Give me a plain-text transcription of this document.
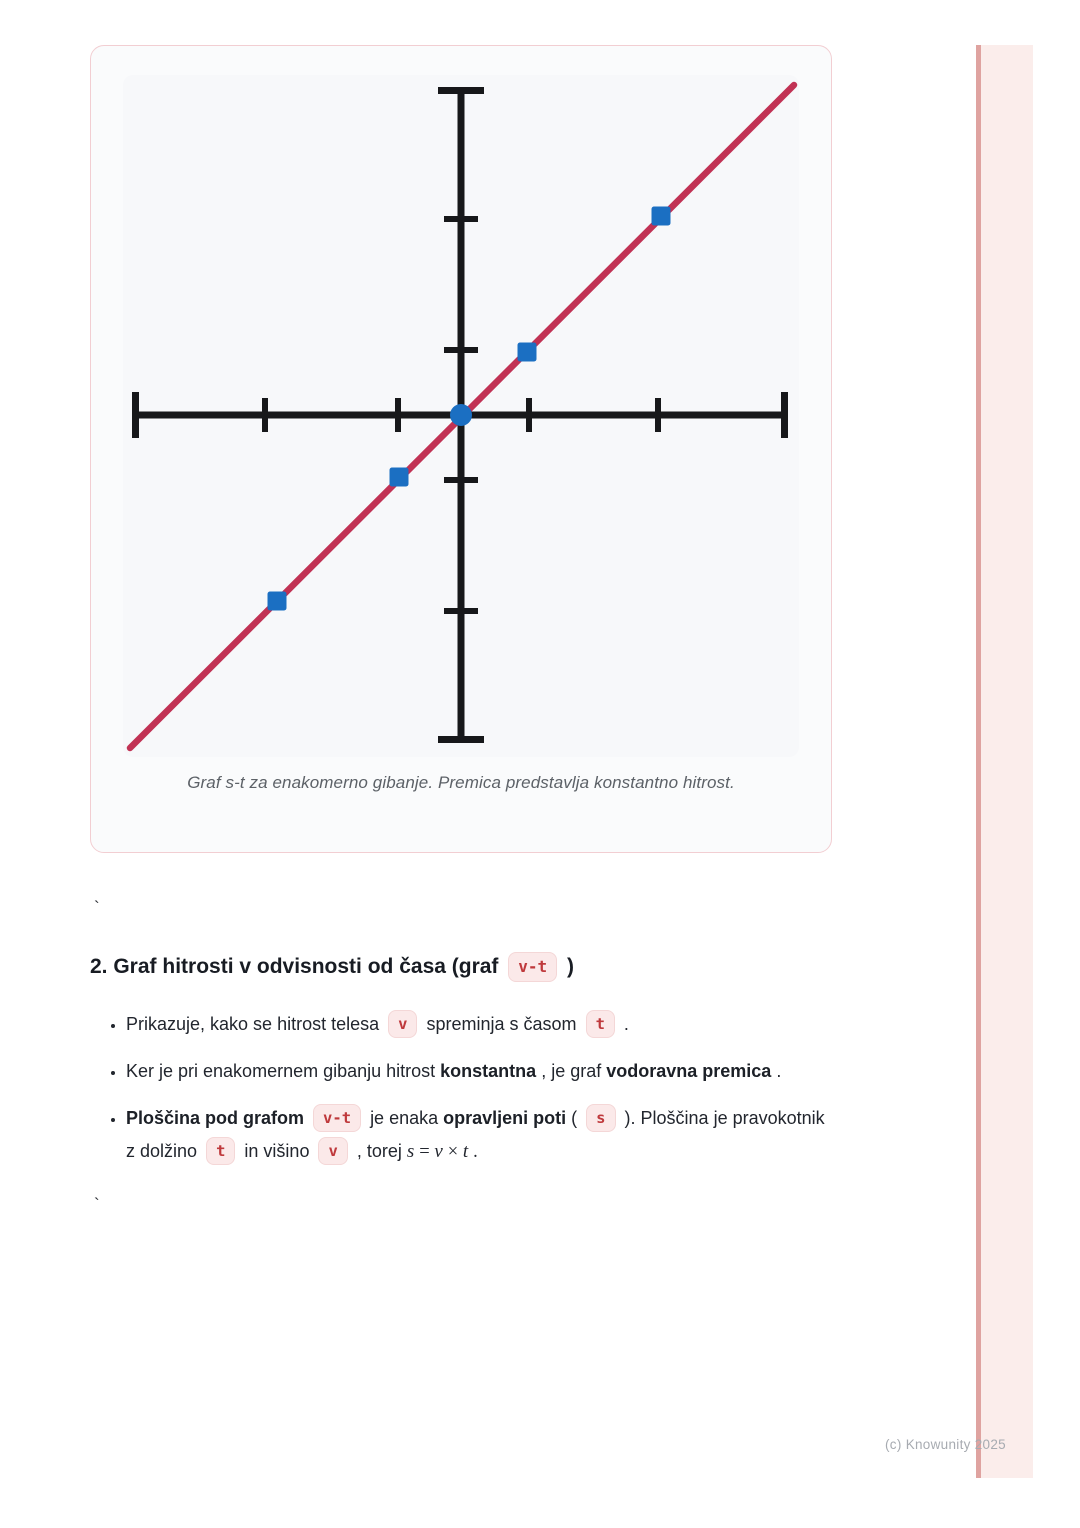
Graf s-t za enakomerno gibanje. Premica predstavlja konstantno hitrost.
`
2. Graf hitrosti v odvisnosti od časa (graf v-t )
• Prikazuje, kako se hitrost telesa v spreminja s časom t .
• Ker je pri enakomernem gibanju hitrost konstantna , je graf vodoravna premica .
• Ploščina pod grafom v-t je enaka opravljeni poti ( s ). Ploščina je pravokotnik z dolžino t in višino v , torej s = v × t .
`
(c) Knowunity 2025
